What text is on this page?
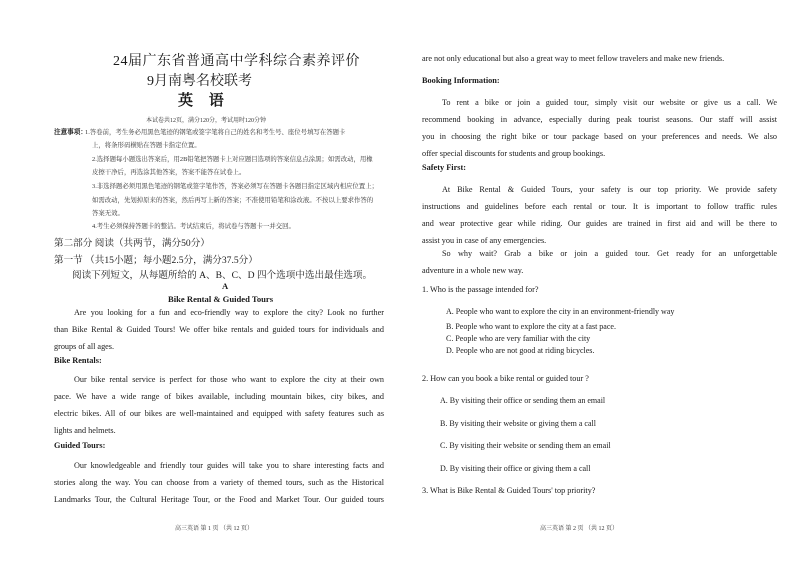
24届广东省普通高中学科综合素养评价
9月南粤名校联考
英 语
本试卷共12页，满分120分，考试用时120分钟
注意事项：
1.答卷前，考生务必用黑色笔迹的钢笔或签字笔将自己的姓名和考生号、座位号填写在答题卡
上，将条形码横贴在答题卡指定位置。
2.选择题每小题选出答案后，用2B铅笔把答题卡上对应题目选项的答案信息点涂黑；如需改动，用橡
皮擦干净后，再选涂其他答案，答案不能答在试卷上。
3.非选择题必须用黑色笔迹的钢笔或签字笔作答，答案必须写在答题卡各题目指定区域内相应位置上；
如需改动，先划掉原来的答案，然后再写上新的答案；不准使用铅笔和涂改液。不按以上要求作答的
答案无效。
4.考生必须保持答题卡的整洁。考试结束后，将试卷与答题卡一并交回。
第二部分 阅读（共两节，满分50分）
第一节 （共15小题；每小题2.5分，满分37.5分）
阅读下列短文，从每题所给的 A、B、C、D 四个选项中选出最佳选项。
A
Bike Rental & Guided Tours
Are you looking for a fun and eco-friendly way to explore the city? Look no further
than Bike Rental & Guided Tours! We offer bike rentals and guided tours for individuals and
groups of all ages.
Bike Rentals:
Our bike rental service is perfect for those who want to explore the city at their own
pace. We have a wide range of bikes available, including mountain bikes, city bikes, and
electric bikes. All of our bikes are well-maintained and equipped with safety features such as
lights and helmets.
Guided Tours:
Our knowledgeable and friendly tour guides will take you to share interesting facts and
stories along the way. You can choose from a variety of themed tours, such as the Historical
Landmarks Tour, the Cultural Heritage Tour, or the Food and Market Tour. Our guided tours
高三英语 第 1 页 （共 12 页）
are not only educational but also a great way to meet fellow travelers and make new friends.
Booking Information:
To rent a bike or join a guided tour, simply visit our website or give us a call. We
recommend booking in advance, especially during peak tourist seasons. Our staff will assist
you in choosing the right bike or tour package based on your preferences and needs. We also
offer special discounts for students and group bookings.
Safety First:
At Bike Rental & Guided Tours, your safety is our top priority. We provide safety
instructions and guidelines before each rental or tour. It is important to follow traffic rules
and wear protective gear while riding. Our guides are trained in first aid and will be there to
assist you in case of any emergencies.
So why wait? Grab a bike or join a guided tour. Get ready for an unforgettable
adventure in a whole new way.
1. Who is the passage intended for?
A. People who want to explore the city in an environment-friendly way
B. People who want to explore the city at a fast pace.
C. People who are very familiar with the city
D. People who are not good at riding bicycles.
2. How can you book a bike rental or guided tour ?
A. By visiting their office or sending them an email
B. By visiting their website or giving them a call
C. By visiting their website or sending them an email
D. By visiting their office or giving them a call
3. What is Bike Rental & Guided Tours' top priority?
高三英语 第 2 页 （共 12 页）
